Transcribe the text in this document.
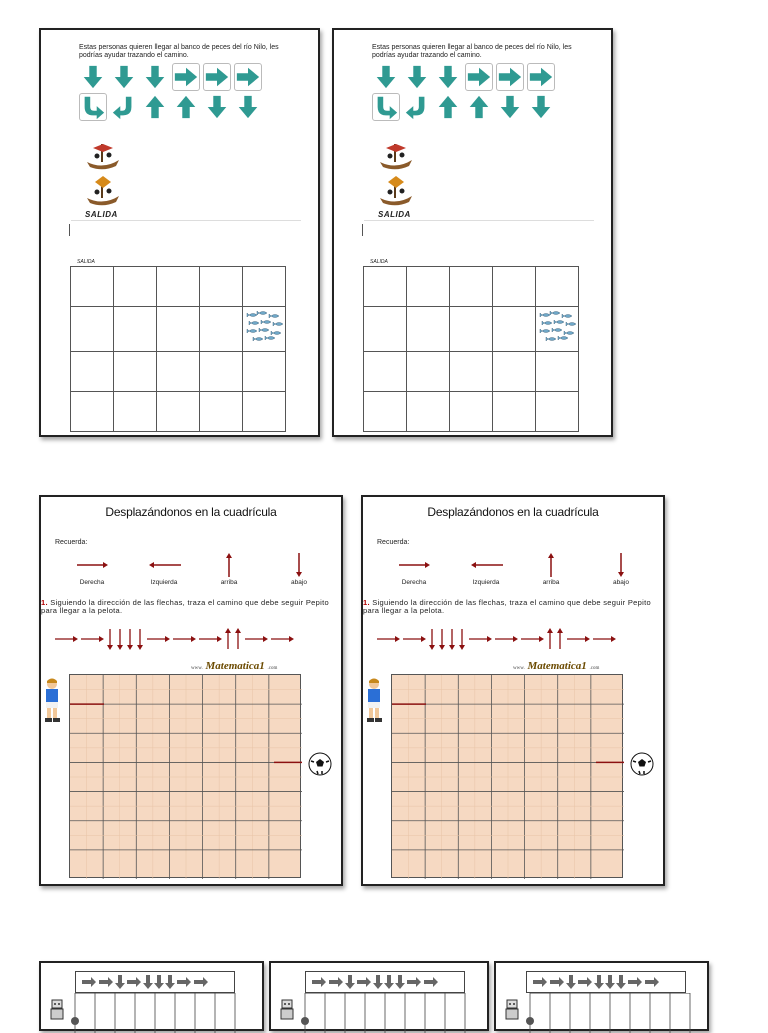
Estas personas quieren llegar al banco de peces del río Nilo, les podrías ayudar trazando el camino.
SALIDA
SALIDA

Estas personas quieren llegar al banco de peces del río Nilo, les podrías ayudar trazando el camino.
SALIDA
SALIDA

Desplazándonos en la cuadrícula
Recuerda:
Derecha	Izquierda	arriba	abajo
1. Siguiendo la dirección de las flechas, traza el camino que debe seguir Pepito para llegar a la pelota.
www. Matematica1 .com
Desplazándonos en la cuadrícula
Recuerda:
Derecha	Izquierda	arriba	abajo
1. Siguiendo la dirección de las flechas, traza el camino que debe seguir Pepito para llegar a la pelota.
www. Matematica1 .com
